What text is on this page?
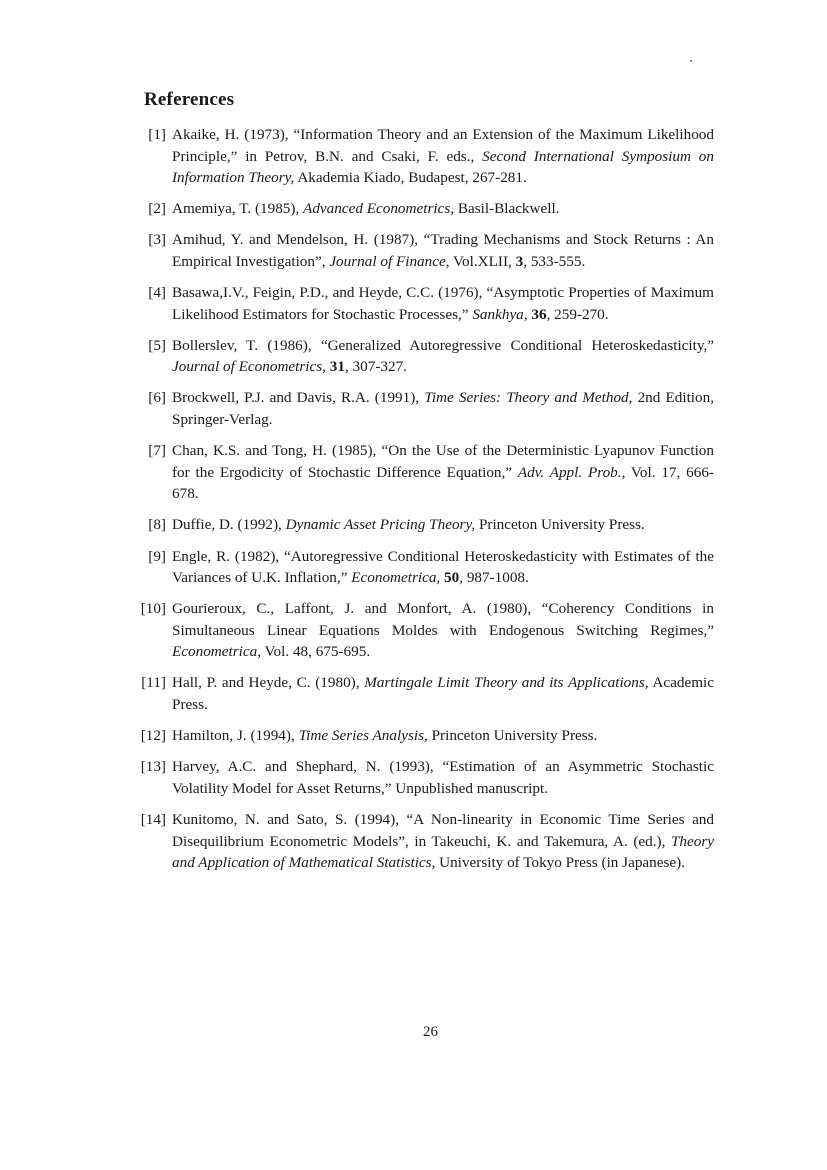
References
[1] Akaike, H. (1973), “Information Theory and an Extension of the Maximum Likelihood Principle,” in Petrov, B.N. and Csaki, F. eds., Second International Symposium on Information Theory, Akademia Kiado, Budapest, 267-281.
[2] Amemiya, T. (1985), Advanced Econometrics, Basil-Blackwell.
[3] Amihud, Y. and Mendelson, H. (1987), “Trading Mechanisms and Stock Returns : An Empirical Investigation”, Journal of Finance, Vol.XLII, 3, 533-555.
[4] Basawa,I.V., Feigin, P.D., and Heyde, C.C. (1976), “Asymptotic Properties of Maximum Likelihood Estimators for Stochastic Processes,” Sankhya, 36, 259-270.
[5] Bollerslev, T. (1986), “Generalized Autoregressive Conditional Heteroskedasticity,” Journal of Econometrics, 31, 307-327.
[6] Brockwell, P.J. and Davis, R.A. (1991), Time Series: Theory and Method, 2nd Edition, Springer-Verlag.
[7] Chan, K.S. and Tong, H. (1985), “On the Use of the Deterministic Lyapunov Function for the Ergodicity of Stochastic Difference Equation,” Adv. Appl. Prob., Vol. 17, 666-678.
[8] Duffie, D. (1992), Dynamic Asset Pricing Theory, Princeton University Press.
[9] Engle, R. (1982), “Autoregressive Conditional Heteroskedasticity with Estimates of the Variances of U.K. Inflation,” Econometrica, 50, 987-1008.
[10] Gourieroux, C., Laffont, J. and Monfort, A. (1980), “Coherency Conditions in Simultaneous Linear Equations Moldes with Endogenous Switching Regimes,” Econometrica, Vol. 48, 675-695.
[11] Hall, P. and Heyde, C. (1980), Martingale Limit Theory and its Applications, Academic Press.
[12] Hamilton, J. (1994), Time Series Analysis, Princeton University Press.
[13] Harvey, A.C. and Shephard, N. (1993), “Estimation of an Asymmetric Stochastic Volatility Model for Asset Returns,” Unpublished manuscript.
[14] Kunitomo, N. and Sato, S. (1994), “A Non-linearity in Economic Time Series and Disequilibrium Econometric Models”, in Takeuchi, K. and Takemura, A. (ed.), Theory and Application of Mathematical Statistics, University of Tokyo Press (in Japanese).
26
